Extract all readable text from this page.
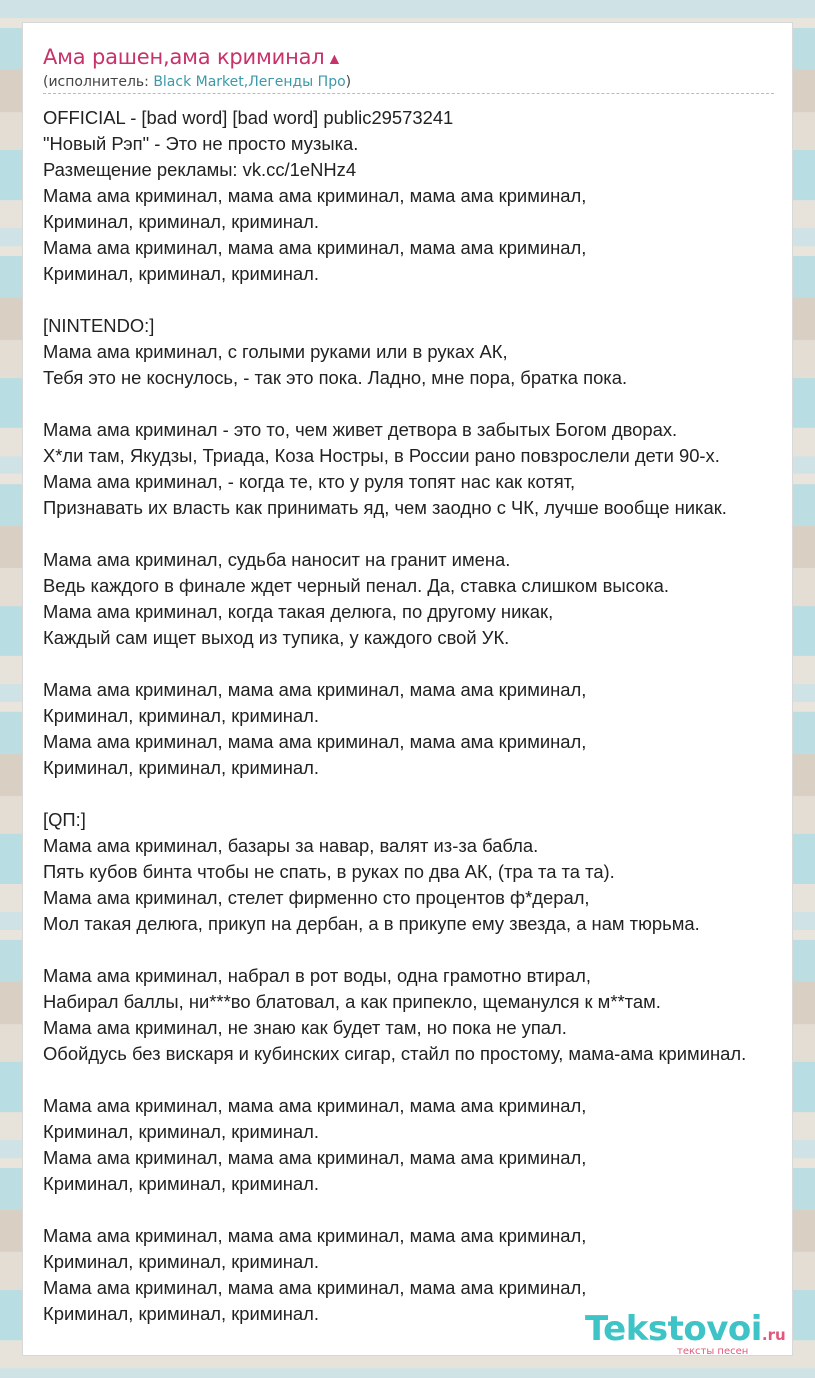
Ама рашен,ама криминал ▲
(исполнитель: Black Market,Легенды Про)
OFFICIAL - [bad word] [bad word] public29573241
"Новый Рэп" - Это не просто музыка.
Размещение рекламы: vk.cc/1eNHz4
Мама ама криминал, мама ама криминал, мама ама криминал,
Криминал, криминал, криминал.
Мама ама криминал, мама ама криминал, мама ама криминал,
Криминал, криминал, криминал.
[NINTENDO:]
Мама ама криминал, с голыми руками или в руках АК,
Тебя это не коснулось, - так это пока. Ладно, мне пора, братка пока.
Мама ама криминал - это то, чем живет детвора в забытых Богом дворах.
Х*ли там, Якудзы, Триада, Коза Ностры, в России рано повзрослели дети 90-х.
Мама ама криминал, - когда те, кто у руля топят нас как котят,
Признавать их власть как принимать яд, чем заодно с ЧК, лучше вообще никак.
Мама ама криминал, судьба наносит на гранит имена.
Ведь каждого в финале ждет черный пенал. Да, ставка слишком высока.
Мама ама криминал, когда такая делюга, по другому никак,
Каждый сам ищет выход из тупика, у каждого свой УК.
Мама ама криминал, мама ама криминал, мама ама криминал,
Криминал, криминал, криминал.
Мама ама криминал, мама ама криминал, мама ама криминал,
Криминал, криминал, криминал.
[QП:]
Мама ама криминал, базары за навар, валят из-за бабла.
Пять кубов бинта чтобы не спать, в руках по два АК, (тра та та та).
Мама ама криминал, стелет фирменно сто процентов ф*дерал,
Мол такая делюга, прикуп на дербан, а в прикупе ему звезда, а нам тюрьма.
Мама ама криминал, набрал в рот воды, одна грамотно втирал,
Набирал баллы, ни***во блатовал, а как припекло, щеманулся к м**там.
Мама ама криминал, не знаю как будет там, но пока не упал.
Обойдусь без вискаря и кубинских сигар, стайл по простому, мама-ама криминал.
Мама ама криминал, мама ама криминал, мама ама криминал,
Криминал, криминал, криминал.
Мама ама криминал, мама ама криминал, мама ама криминал,
Криминал, криминал, криминал.
Мама ама криминал, мама ама криминал, мама ама криминал,
Криминал, криминал, криминал.
Мама ама криминал, мама ама криминал, мама ама криминал,
Криминал, криминал, криминал.	Tekstovoi.ru
тексты песен
